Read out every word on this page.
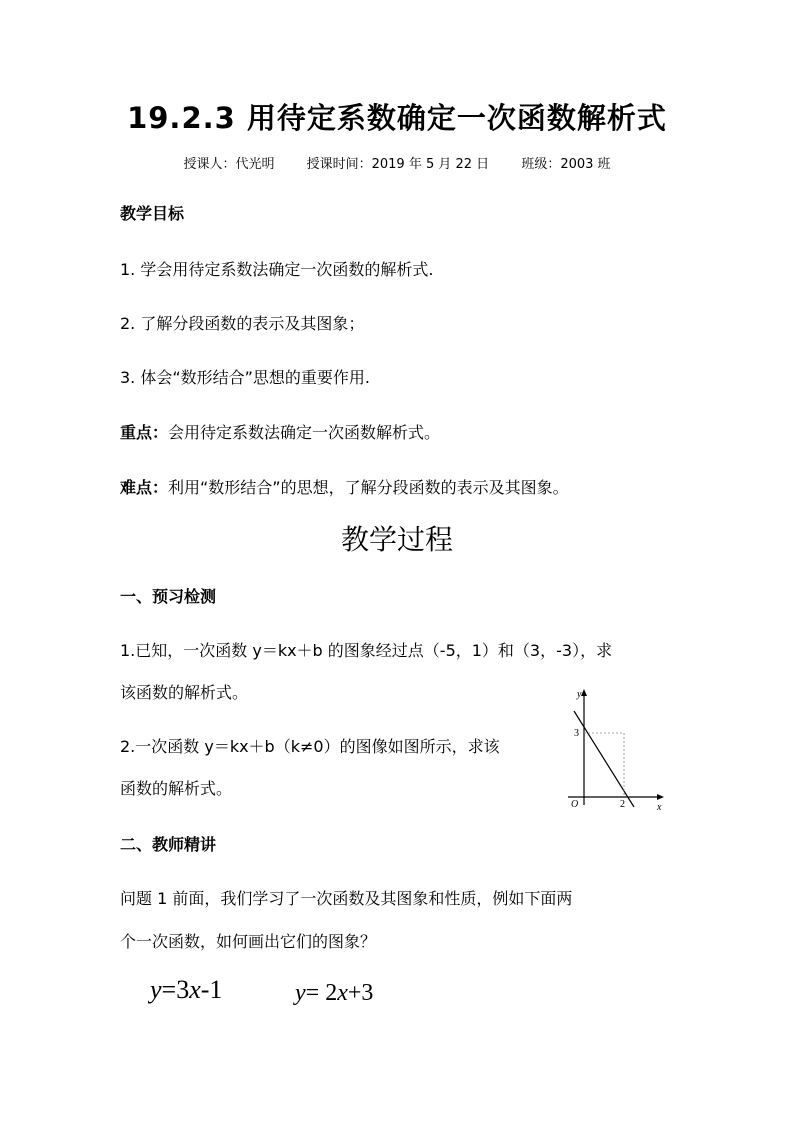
19.2.3 用待定系数确定一次函数解析式
授课人：代光明 授课时间：2019 年 5 月 22 日 班级：2003 班
教学目标
1. 学会用待定系数法确定一次函数的解析式.
2. 了解分段函数的表示及其图象；
3. 体会“数形结合”思想的重要作用.
重点：会用待定系数法确定一次函数解析式。
难点：利用“数形结合”的思想，了解分段函数的表示及其图象。
教学过程
一、预习检测
1.已知，一次函数 y＝kx＋b 的图象经过点（-5，1）和（3，-3），求
该函数的解析式。
2.一次函数 y＝kx＋b（k≠0）的图像如图所示，求该
函数的解析式。
y
x
O
3
2
二、教师精讲
问题 1 前面，我们学习了一次函数及其图象和性质，例如下面两
个一次函数，如何画出它们的图象？
y=3x-1	y= 2x+3
